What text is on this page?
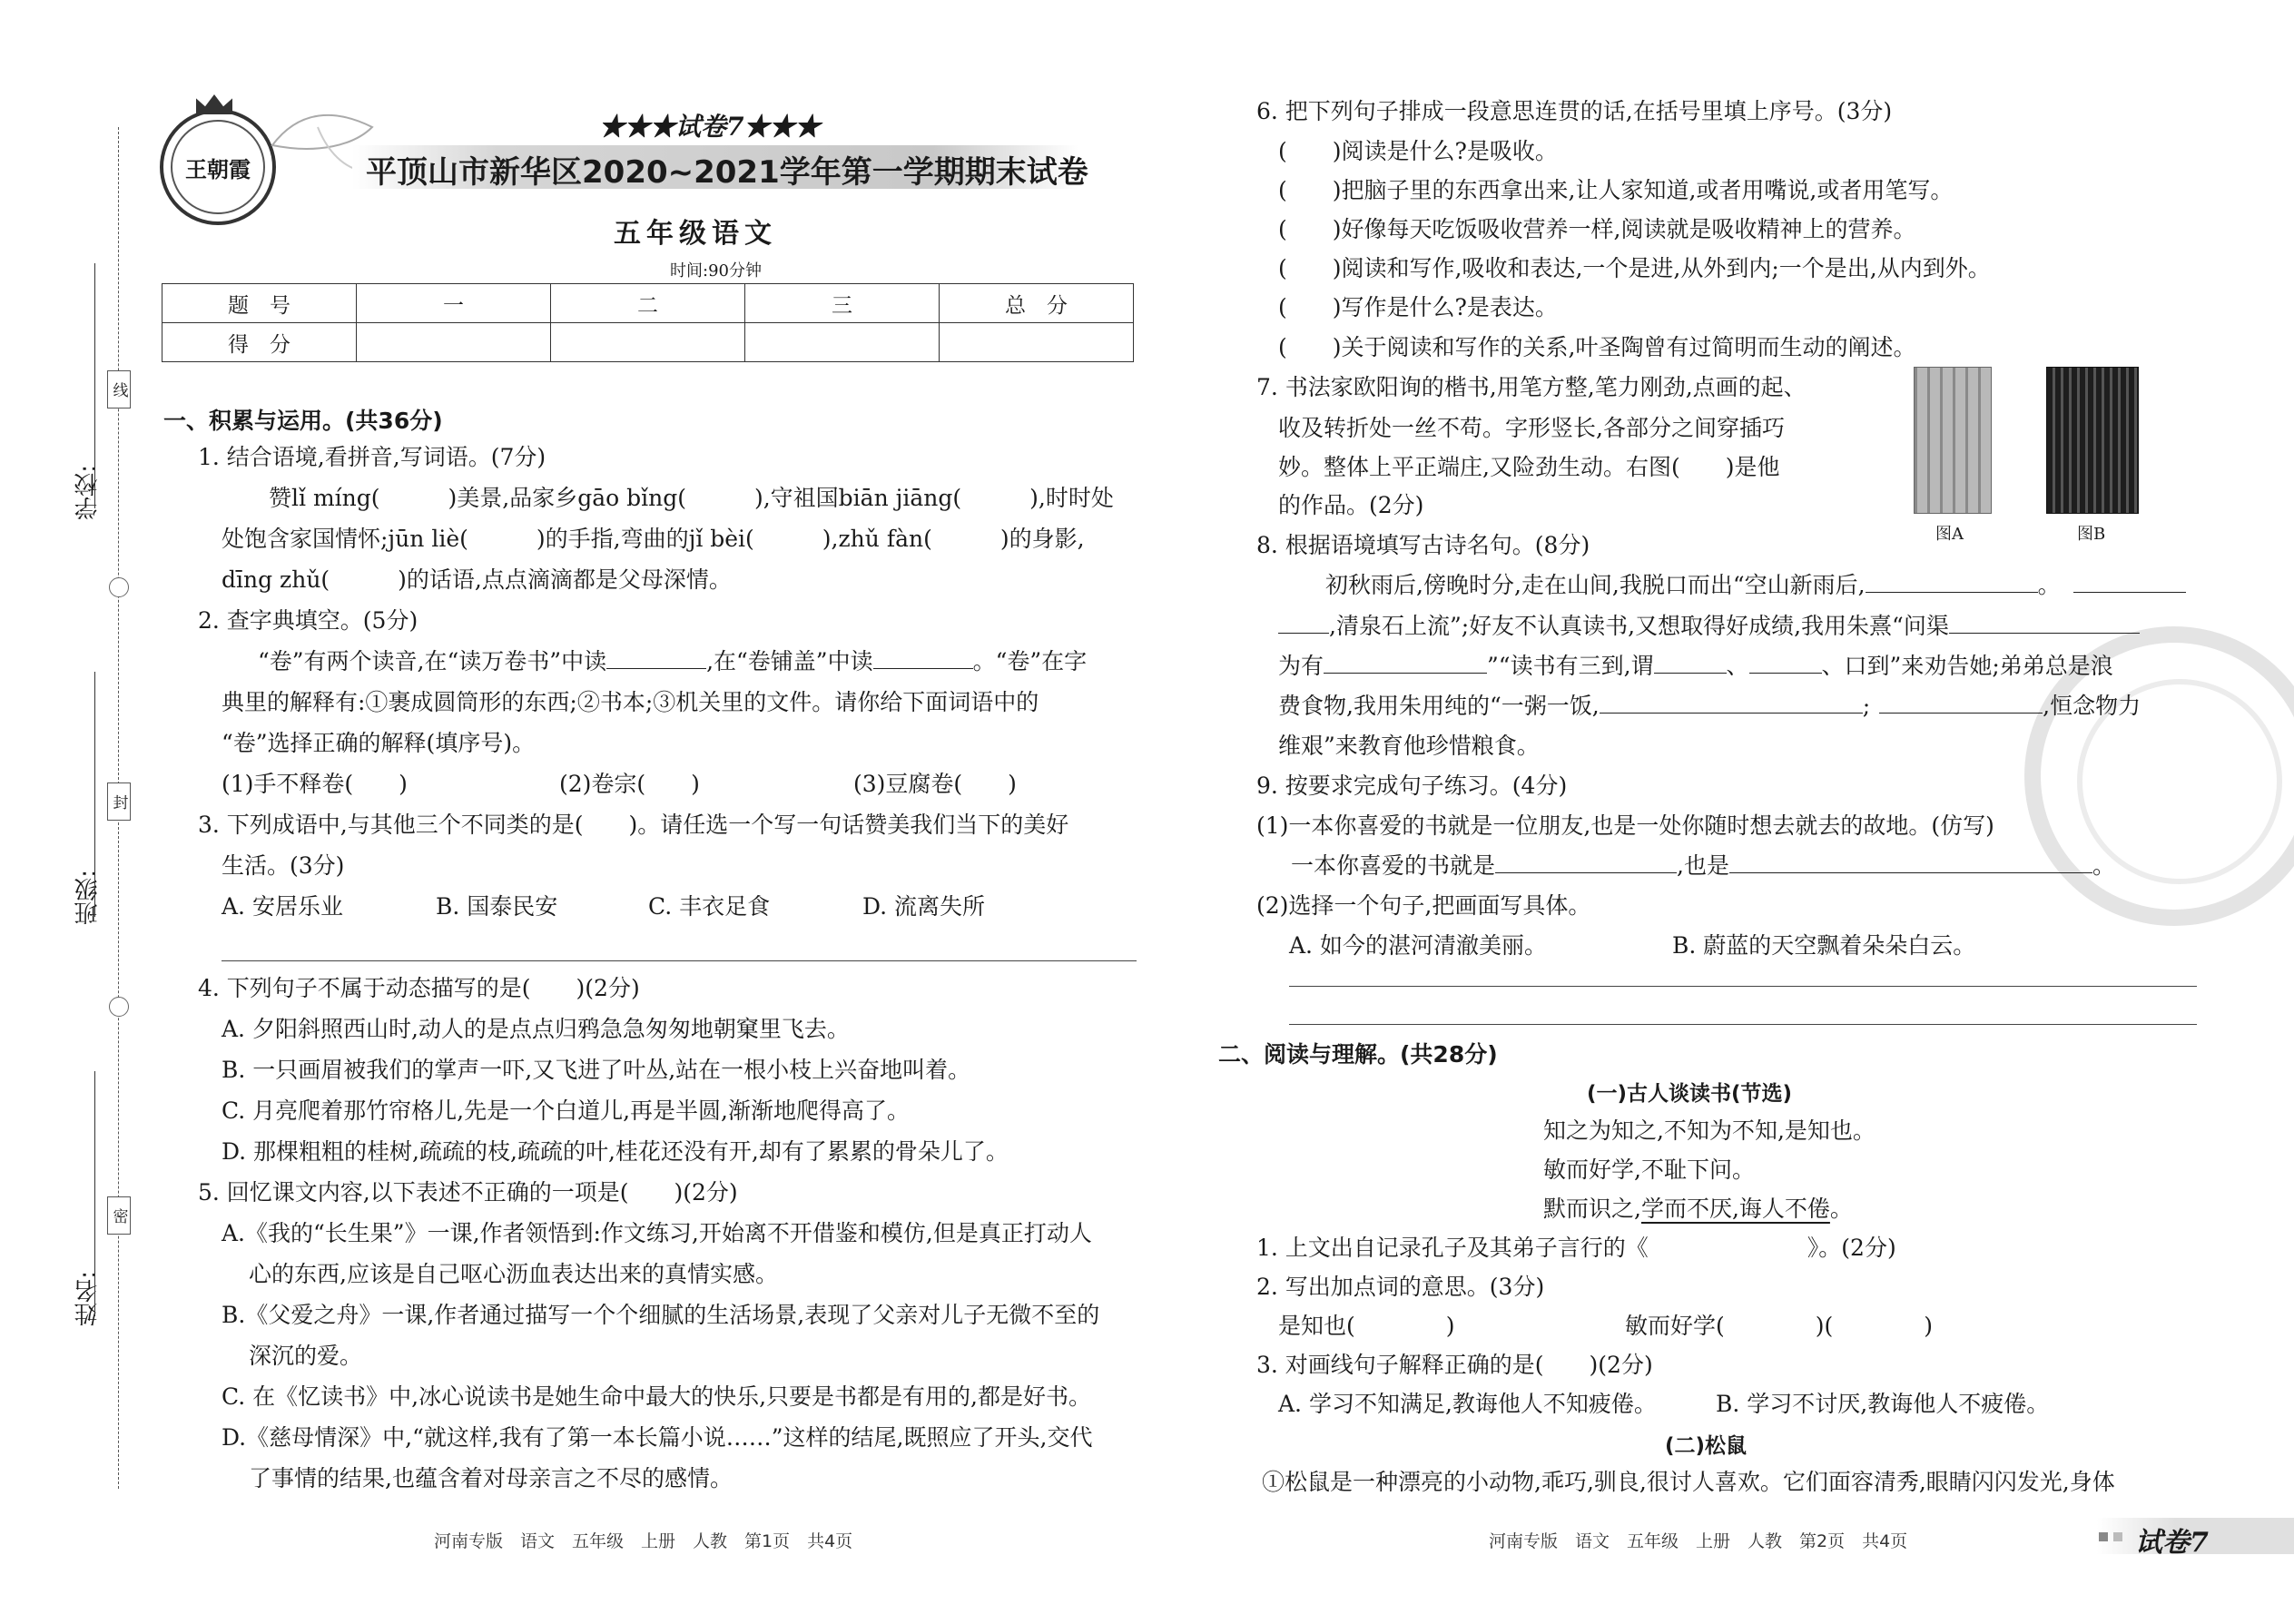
线
封
密
学校:
班级:
姓名:
王朝霞
★★★试卷7★★★
平顶山市新华区2020~2021学年第一学期期末试卷
五年级语文
时间:90分钟
题　号	一	二	三	总　分
得　分				
一、积累与运用。(共36分)
1. 结合语境,看拼音,写词语。(7分)
赞lǐ míng(　　　)美景,品家乡gāo bǐng(　　　),守祖国biān jiāng(　　　),时时处
处饱含家国情怀;jūn liè(　　　)的手指,弯曲的jǐ bèi(　　　),zhǔ fàn(　　　)的身影,
dīng zhǔ(　　　)的话语,点点滴滴都是父母深情。
2. 查字典填空。(5分)
“卷”有两个读音,在“读万卷书”中读	,在“卷铺盖”中读	。“卷”在字
典里的解释有:①裹成圆筒形的东西;②书本;③机关里的文件。请你给下面词语中的
“卷”选择正确的解释(填序号)。
(1)手不释卷(　　)	(2)卷宗(　　)	(3)豆腐卷(　　)
3. 下列成语中,与其他三个不同类的是(　　)。请任选一个写一句话赞美我们当下的美好
生活。(3分)
A. 安居乐业	B. 国泰民安	C. 丰衣足食	D. 流离失所
4. 下列句子不属于动态描写的是(　　)(2分)
A. 夕阳斜照西山时,动人的是点点归鸦急急匆匆地朝窠里飞去。
B. 一只画眉被我们的掌声一吓,又飞进了叶丛,站在一根小枝上兴奋地叫着。
C. 月亮爬着那竹帘格儿,先是一个白道儿,再是半圆,渐渐地爬得高了。
D. 那棵粗粗的桂树,疏疏的枝,疏疏的叶,桂花还没有开,却有了累累的骨朵儿了。
5. 回忆课文内容,以下表述不正确的一项是(　　)(2分)
A.《我的“长生果”》一课,作者领悟到:作文练习,开始离不开借鉴和模仿,但是真正打动人
心的东西,应该是自己呕心沥血表达出来的真情实感。
B.《父爱之舟》一课,作者通过描写一个个细腻的生活场景,表现了父亲对儿子无微不至的
深沉的爱。
C. 在《忆读书》中,冰心说读书是她生命中最大的快乐,只要是书都是有用的,都是好书。
D.《慈母情深》中,“就这样,我有了第一本长篇小说……”这样的结尾,既照应了开头,交代
了事情的结果,也蕴含着对母亲言之不尽的感情。
河南专版　语文　五年级　上册　人教　第1页　共4页
6. 把下列句子排成一段意思连贯的话,在括号里填上序号。(3分)
(　　)阅读是什么?是吸收。
(　　)把脑子里的东西拿出来,让人家知道,或者用嘴说,或者用笔写。
(　　)好像每天吃饭吸收营养一样,阅读就是吸收精神上的营养。
(　　)阅读和写作,吸收和表达,一个是进,从外到内;一个是出,从内到外。
(　　)写作是什么?是表达。
(　　)关于阅读和写作的关系,叶圣陶曾有过简明而生动的阐述。
7. 书法家欧阳询的楷书,用笔方整,笔力刚劲,点画的起、
收及转折处一丝不苟。字形竖长,各部分之间穿插巧
妙。整体上平正端庄,又险劲生动。右图(　　)是他
的作品。(2分)
图A	图B
8. 根据语境填写古诗名句。(8分)
初秋雨后,傍晚时分,走在山间,我脱口而出“空山新雨后,	。
,清泉石上流”;好友不认真读书,又想取得好成绩,我用朱熹“问渠
为有	”“读书有三到,谓	、	、口到”来劝告她;弟弟总是浪
费食物,我用朱用纯的“一粥一饭,	;	,恒念物力
维艰”来教育他珍惜粮食。
9. 按要求完成句子练习。(4分)
(1)一本你喜爱的书就是一位朋友,也是一处你随时想去就去的故地。(仿写)
一本你喜爱的书就是	,也是	。
(2)选择一个句子,把画面写具体。
A. 如今的湛河清澈美丽。	B. 蔚蓝的天空飘着朵朵白云。
二、阅读与理解。(共28分)
(一)古人谈读书(节选)
知之为知之,不知为不知,是知也。
敏而好学,不耻下问。
默而识之,学而不厌,诲人不倦。
1. 上文出自记录孔子及其弟子言行的《　　　　　　　》。(2分)
2. 写出加点词的意思。(3分)
是知也(　　　　)	敏而好学(　　　　)(　　　　)
3. 对画线句子解释正确的是(　　)(2分)
A. 学习不知满足,教诲他人不知疲倦。	B. 学习不讨厌,教诲他人不疲倦。
(二)松鼠
①松鼠是一种漂亮的小动物,乖巧,驯良,很讨人喜欢。它们面容清秀,眼睛闪闪发光,身体
河南专版　语文　五年级　上册　人教　第2页　共4页	试卷7
